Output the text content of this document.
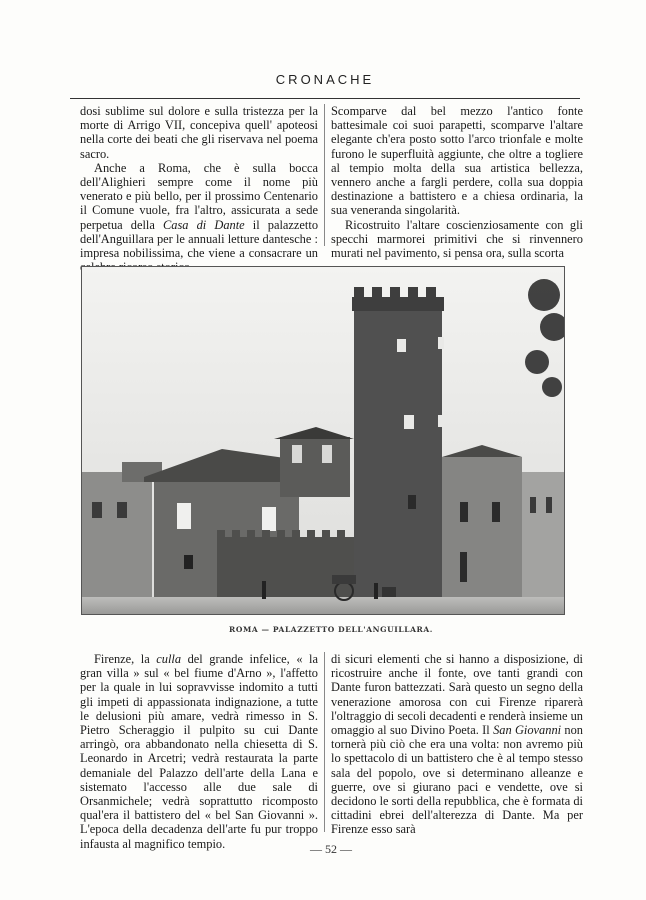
CRONACHE

dosi sublime sul dolore e sulla tristezza per la morte di Arrigo VII, concepiva quell' apoteosi nella corte dei beati che gli riservava nel poema sacro.

Anche a Roma, che è sulla bocca dell'Alighieri sempre come il nome più venerato e più bello, per il prossimo Centenario il Comune vuole, fra l'altro, assicurata a sede perpetua della Casa di Dante il palazzetto dell'Anguillara per le annuali letture dantesche : impresa nobilissima, che viene a consacrare un

Scomparve dal bel mezzo l'antico fonte battesimale coi suoi parapetti, scomparve l'altare elegante ch'era posto sotto l'arco trionfale e molte furono le superfluità aggiunte, che oltre a togliere al tempio molta della sua artistica bellezza, vennero anche a fargli perdere, colla sua doppia destinazione a battistero e a chiesa ordinaria, la sua veneranda singolarità.

Ricostruito l'altare coscienziosamente con gli specchi marmorei primitivi che si rinvennero murati nel pavimento, si pensa ora, sulla scorta

ROMA — PALAZZETTO DELL'ANGUILLARA.

Firenze, la culla del grande infelice, « la gran villa » sul « bel fiume d'Arno », l'affetto per la quale in lui sopravvisse indomito a tutti gli impeti di appassionata indignazione, a tutte le delusioni più amare, vedrà rimesso in S. Pietro Scheraggio il pulpito su cui Dante arringò, ora abbandonato nella chiesetta di S. Leonardo in Arcetri; vedrà restaurata la parte demaniale del Palazzo dell'arte della Lana e sistemato l'accesso alle due sale di Orsanmichele; vedrà soprattutto ricomposto qual'era il battistero del « bel San Giovanni ». L'epoca della decadenza dell'arte fu pur troppo infausta al magnifico tempio.

di sicuri elementi che si hanno a disposizione, di ricostruire anche il fonte, ove tanti grandi con Dante furon battezzati. Sarà questo un segno della venerazione amorosa con cui Firenze riparerà l'oltraggio di secoli decadenti e renderà insieme un omaggio al suo Divino Poeta. Il San Giovanni non tornerà più ciò che era una volta: non avremo più lo spettacolo di un battistero che è al tempo stesso sala del popolo, ove si determinano alleanze e guerre, ove si giurano paci e vendette, ove si decidono le sorti della repubblica, che è formata di cittadini ebrei dell'alterezza di Dante. Ma per Firenze esso sarà

— 52 —
